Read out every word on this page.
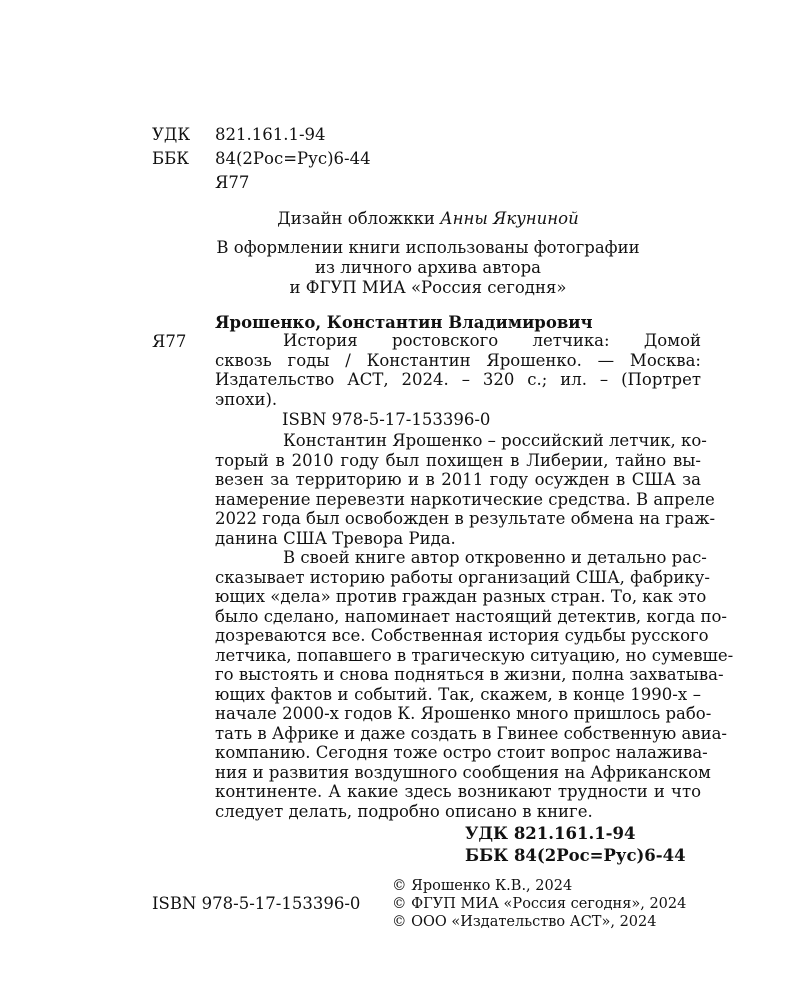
УДК 821.161.1-94
ББК 84(2Рос=Рус)6-44
Я77
Дизайн обложкки Анны Якуниной
В оформлении книги использованы фотографии
из личного архива автора
и ФГУП МИА «Россия сегодня»
Ярошенко, Константин Владимирович
Я77	История ростовского летчика: Домой
сквозь годы / Константин Ярошенко. — Москва:
Издательство АСТ, 2024. – 320 с.; ил. – (Портрет
эпохи).
ISBN 978-5-17-153396-0
Константин Ярошенко – российский летчик, ко-
торый в 2010 году был похищен в Либерии, тайно вы-
везен за территорию и в 2011 году осужден в США за
намерение перевезти наркотические средства. В апреле
2022 года был освобожден в результате обмена на граж-
данина США Тревора Рида.
В своей книге автор откровенно и детально рас-
сказывает историю работы организаций США, фабрику-
ющих «дела» против граждан разных стран. То, как это
было сделано, напоминает настоящий детектив, когда по-
дозреваются все. Собственная история судьбы русского
летчика, попавшего в трагическую ситуацию, но сумевше-
го выстоять и снова подняться в жизни, полна захватыва-
ющих фактов и событий. Так, скажем, в конце 1990-х –
начале 2000-х годов К. Ярошенко много пришлось рабо-
тать в Африке и даже создать в Гвинее собственную авиа-
компанию. Сегодня тоже остро стоит вопрос налажива-
ния и развития воздушного сообщения на Африканском
континенте. А какие здесь возникают трудности и что
следует делать, подробно описано в книге.
УДК 821.161.1-94
ББК 84(2Рос=Рус)6-44
© Ярошенко К.В., 2024
© ФГУП МИА «Россия сегодня», 2024
© ООО «Издательство АСТ», 2024
ISBN 978-5-17-153396-0
